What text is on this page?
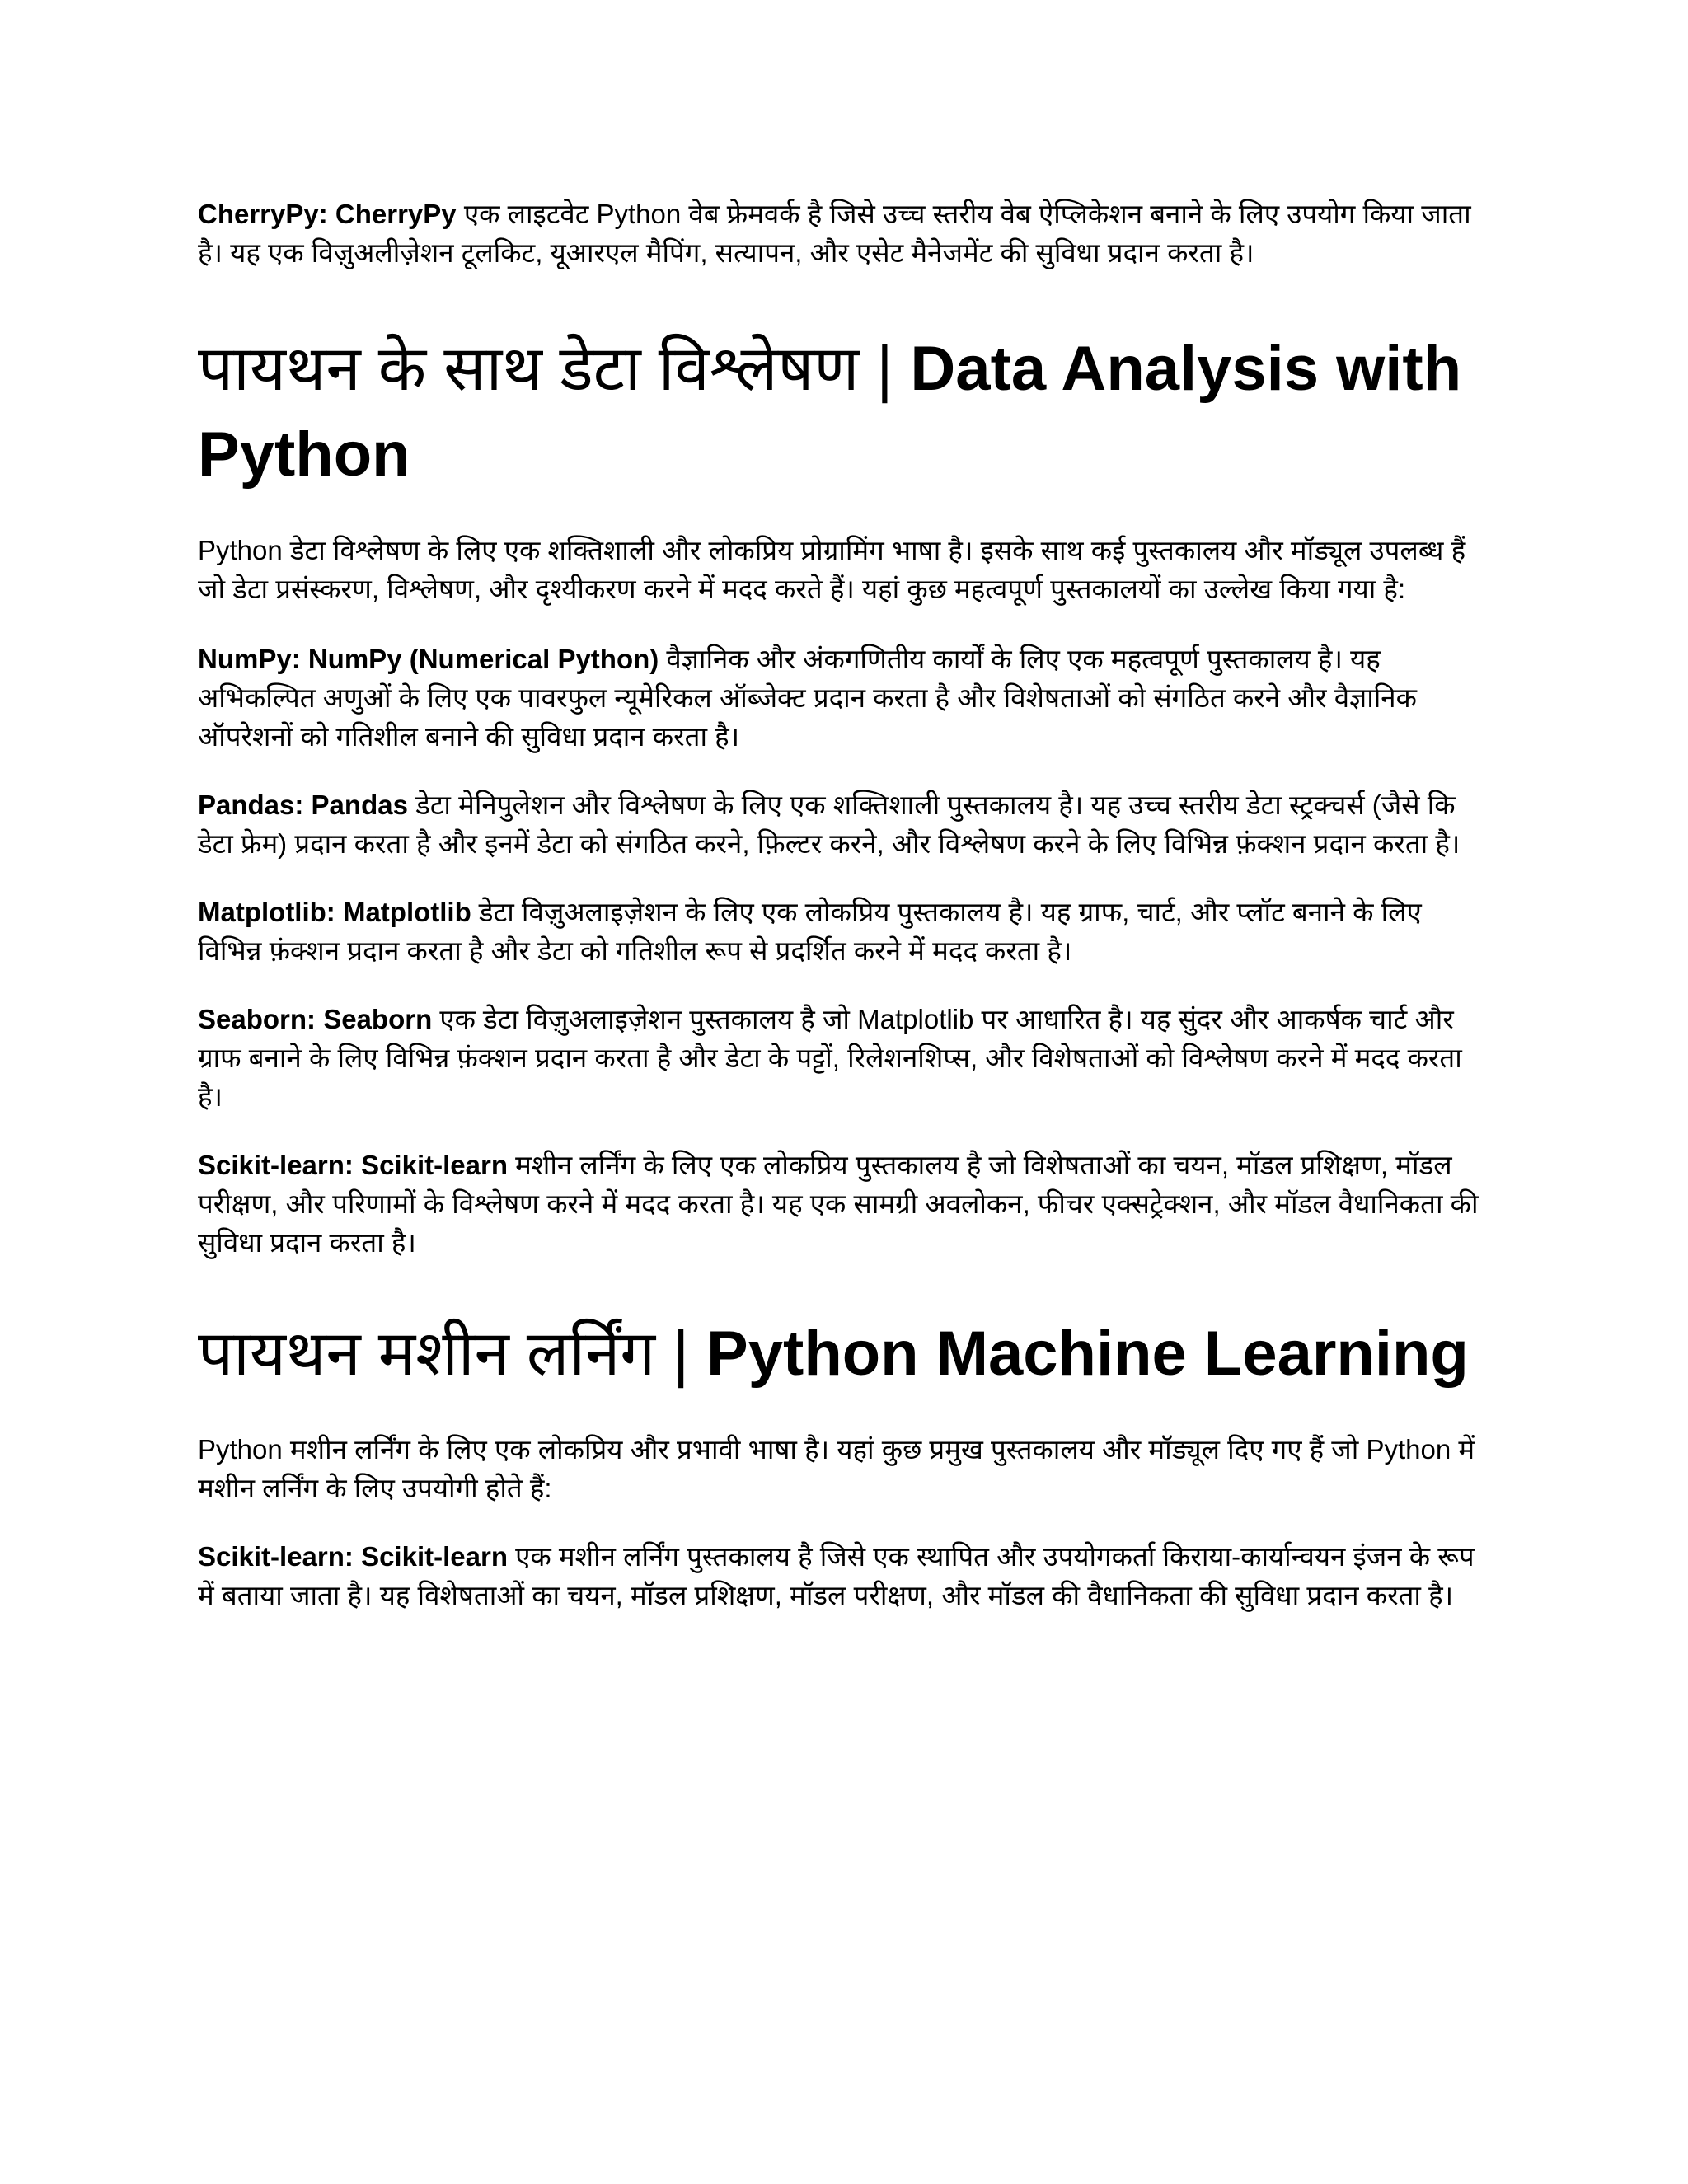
CherryPy: CherryPy एक लाइटवेट Python वेब फ्रेमवर्क है जिसे उच्च स्तरीय वेब ऐप्लिकेशन बनाने के लिए उपयोग किया जाता है। यह एक विज़ुअलीज़ेशन टूलकिट, यूआरएल मैपिंग, सत्यापन, और एसेट मैनेजमेंट की सुविधा प्रदान करता है।

पायथन के साथ डेटा विश्लेषण | Data Analysis with Python

Python डेटा विश्लेषण के लिए एक शक्तिशाली और लोकप्रिय प्रोग्रामिंग भाषा है। इसके साथ कई पुस्तकालय और मॉड्यूल उपलब्ध हैं जो डेटा प्रसंस्करण, विश्लेषण, और दृश्यीकरण करने में मदद करते हैं। यहां कुछ महत्वपूर्ण पुस्तकालयों का उल्लेख किया गया है:

NumPy: NumPy (Numerical Python) वैज्ञानिक और अंकगणितीय कार्यों के लिए एक महत्वपूर्ण पुस्तकालय है। यह अभिकल्पित अणुओं के लिए एक पावरफुल न्यूमेरिकल ऑब्जेक्ट प्रदान करता है और विशेषताओं को संगठित करने और वैज्ञानिक ऑपरेशनों को गतिशील बनाने की सुविधा प्रदान करता है।

Pandas: Pandas डेटा मेनिपुलेशन और विश्लेषण के लिए एक शक्तिशाली पुस्तकालय है। यह उच्च स्तरीय डेटा स्ट्रक्चर्स (जैसे कि डेटा फ्रेम) प्रदान करता है और इनमें डेटा को संगठित करने, फ़िल्टर करने, और विश्लेषण करने के लिए विभिन्न फ़ंक्शन प्रदान करता है।

Matplotlib: Matplotlib डेटा विज़ुअलाइज़ेशन के लिए एक लोकप्रिय पुस्तकालय है। यह ग्राफ, चार्ट, और प्लॉट बनाने के लिए विभिन्न फ़ंक्शन प्रदान करता है और डेटा को गतिशील रूप से प्रदर्शित करने में मदद करता है।

Seaborn: Seaborn एक डेटा विज़ुअलाइज़ेशन पुस्तकालय है जो Matplotlib पर आधारित है। यह सुंदर और आकर्षक चार्ट और ग्राफ बनाने के लिए विभिन्न फ़ंक्शन प्रदान करता है और डेटा के पट्टों, रिलेशनशिप्स, और विशेषताओं को विश्लेषण करने में मदद करता है।

Scikit-learn: Scikit-learn मशीन लर्निंग के लिए एक लोकप्रिय पुस्तकालय है जो विशेषताओं का चयन, मॉडल प्रशिक्षण, मॉडल परीक्षण, और परिणामों के विश्लेषण करने में मदद करता है। यह एक सामग्री अवलोकन, फीचर एक्सट्रेक्शन, और मॉडल वैधानिकता की सुविधा प्रदान करता है।

पायथन मशीन लर्निंग | Python Machine Learning

Python मशीन लर्निंग के लिए एक लोकप्रिय और प्रभावी भाषा है। यहां कुछ प्रमुख पुस्तकालय और मॉड्यूल दिए गए हैं जो Python में मशीन लर्निंग के लिए उपयोगी होते हैं:

Scikit-learn: Scikit-learn एक मशीन लर्निंग पुस्तकालय है जिसे एक स्थापित और उपयोगकर्ता किराया-कार्यान्वयन इंजन के रूप में बताया जाता है। यह विशेषताओं का चयन, मॉडल प्रशिक्षण, मॉडल परीक्षण, और मॉडल की वैधानिकता की सुविधा प्रदान करता है।
